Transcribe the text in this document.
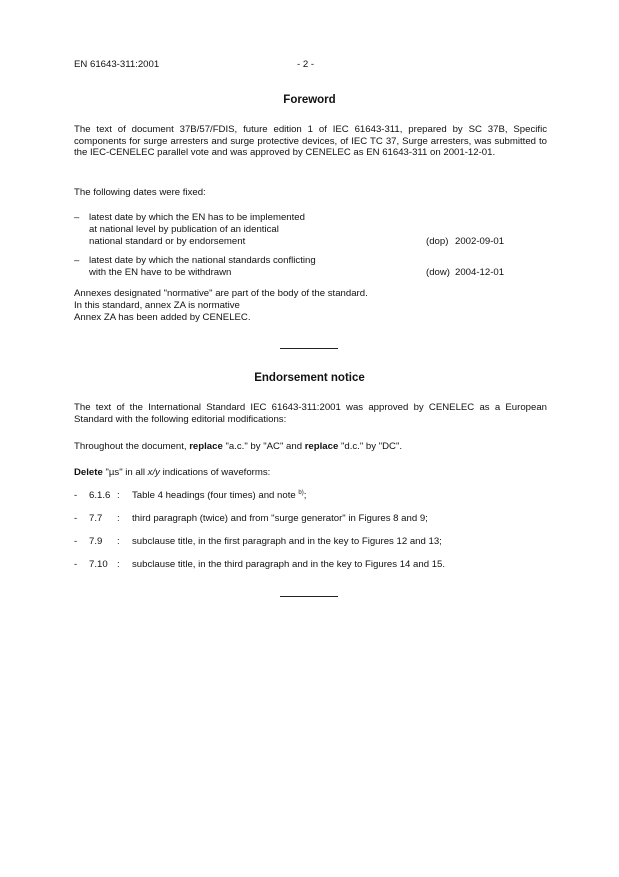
EN 61643-311:2001	- 2 -
Foreword
The text of document 37B/57/FDIS, future edition 1 of IEC 61643-311, prepared by SC 37B, Specific components for surge arresters and surge protective devices, of IEC TC 37, Surge arresters, was submitted to the IEC-CENELEC parallel vote and was approved by CENELEC as EN 61643-311 on 2001-12-01.
The following dates were fixed:
– latest date by which the EN has to be implemented
at national level by publication of an identical
national standard or by endorsement	(dop) 2002-09-01
– latest date by which the national standards conflicting
with the EN have to be withdrawn	(dow) 2004-12-01
Annexes designated "normative" are part of the body of the standard.
In this standard, annex ZA is normative
Annex ZA has been added by CENELEC.
Endorsement notice
The text of the International Standard IEC 61643-311:2001 was approved by CENELEC as a European Standard with the following editorial modifications:
Throughout the document, replace "a.c." by "AC" and replace "d.c." by "DC".
Delete "µs" in all x/y indications of waveforms:
- 6.1.6 : Table 4 headings (four times) and note $^{b)}$;
- 7.7 : third paragraph (twice) and from "surge generator" in Figures 8 and 9;
- 7.9 : subclause title, in the first paragraph and in the key to Figures 12 and 13;
- 7.10 : subclause title, in the third paragraph and in the key to Figures 14 and 15.
